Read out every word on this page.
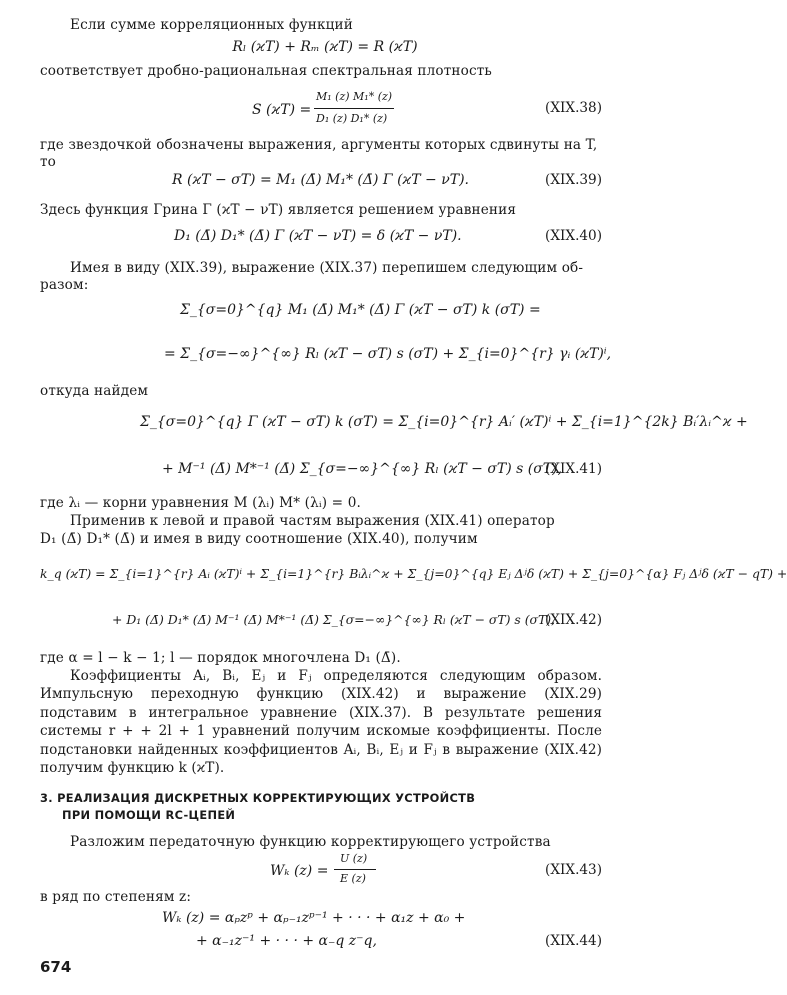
Если сумме корреляционных функций
Rₗ (ϰT) + Rₘ (ϰT) = R (ϰT)
соответствует дробно-рациональная спектральная плотность
S (ϰT) =
M₁ (z) M₁* (z)
D₁ (z) D₁* (z)
(XIX.38)
где звездочкой обозначены выражения, аргументы которых сдвинуты на T,
то
R (ϰT − σT) = M₁ (Δ̄) M₁* (Δ̄) Γ (ϰT − νT).	(XIX.39)
Здесь функция Грина Γ (ϰT − νT) является решением уравнения
D₁ (Δ̄) D₁* (Δ̄) Γ (ϰT − νT) = δ (ϰT − νT).	(XIX.40)
Имея в виду (XIX.39), выражение (XIX.37) перепишем следующим об-
разом:
Σ_{σ=0}^{q} M₁ (Δ̄) M₁* (Δ̄) Γ (ϰT − σT) k (σT) =
= Σ_{σ=−∞}^{∞} Rₗ (ϰT − σT) s (σT) + Σ_{i=0}^{r} γᵢ (ϰT)ⁱ,
откуда найдем
Σ_{σ=0}^{q} Γ (ϰT − σT) k (σT) = Σ_{i=0}^{r} Aᵢ′ (ϰT)ⁱ + Σ_{i=1}^{2k} Bᵢ′λᵢ^ϰ +
+ M⁻¹ (Δ̄) M*⁻¹ (Δ̄) Σ_{σ=−∞}^{∞} Rₗ (ϰT − σT) s (σT),
(XIX.41)
где λᵢ — корни уравнения M (λᵢ) M* (λᵢ) = 0.
Применив к левой и правой частям выражения (XIX.41) оператор
D₁ (Δ̄) D₁* (Δ̄) и имея в виду соотношение (XIX.40), получим
k_q (ϰT) = Σ_{i=1}^{r} Aᵢ (ϰT)ⁱ + Σ_{i=1}^{r} Bᵢλᵢ^ϰ + Σ_{j=0}^{q} Eⱼ Δʲδ (ϰT) + Σ_{j=0}^{α} Fⱼ Δʲδ (ϰT − qT) +
+ D₁ (Δ̄) D₁* (Δ̄) M⁻¹ (Δ̄) M*⁻¹ (Δ̄) Σ_{σ=−∞}^{∞} Rₗ (ϰT − σT) s (σT),
(XIX.42)
где α = l − k − 1; l — порядок многочлена D₁ (Δ̄).
Коэффициенты Aᵢ, Bᵢ, Eⱼ и Fⱼ определяются следующим образом. Импульсную переходную функцию (XIX.42) и выражение (XIX.29) подставим в интегральное уравнение (XIX.37). В результате решения системы r + + 2l + 1 уравнений получим искомые коэффициенты. После подстановки найденных коэффициентов Aᵢ, Bᵢ, Eⱼ и Fⱼ в выражение (XIX.42) получим функцию k (ϰT).
3. РЕАЛИЗАЦИЯ ДИСКРЕТНЫХ КОРРЕКТИРУЮЩИХ УСТРОЙСТВ
ПРИ ПОМОЩИ RC-ЦЕПЕЙ
Разложим передаточную функцию корректирующего устройства
Wₖ (z) =
U (z)
E (z)
(XIX.43)
в ряд по степеням z:
Wₖ (z) = αₚzᵖ + αₚ₋₁zᵖ⁻¹ + · · · + α₁z + α₀ +
+ α₋₁z⁻¹ + · · · + α₋q z⁻q,	(XIX.44)
674
